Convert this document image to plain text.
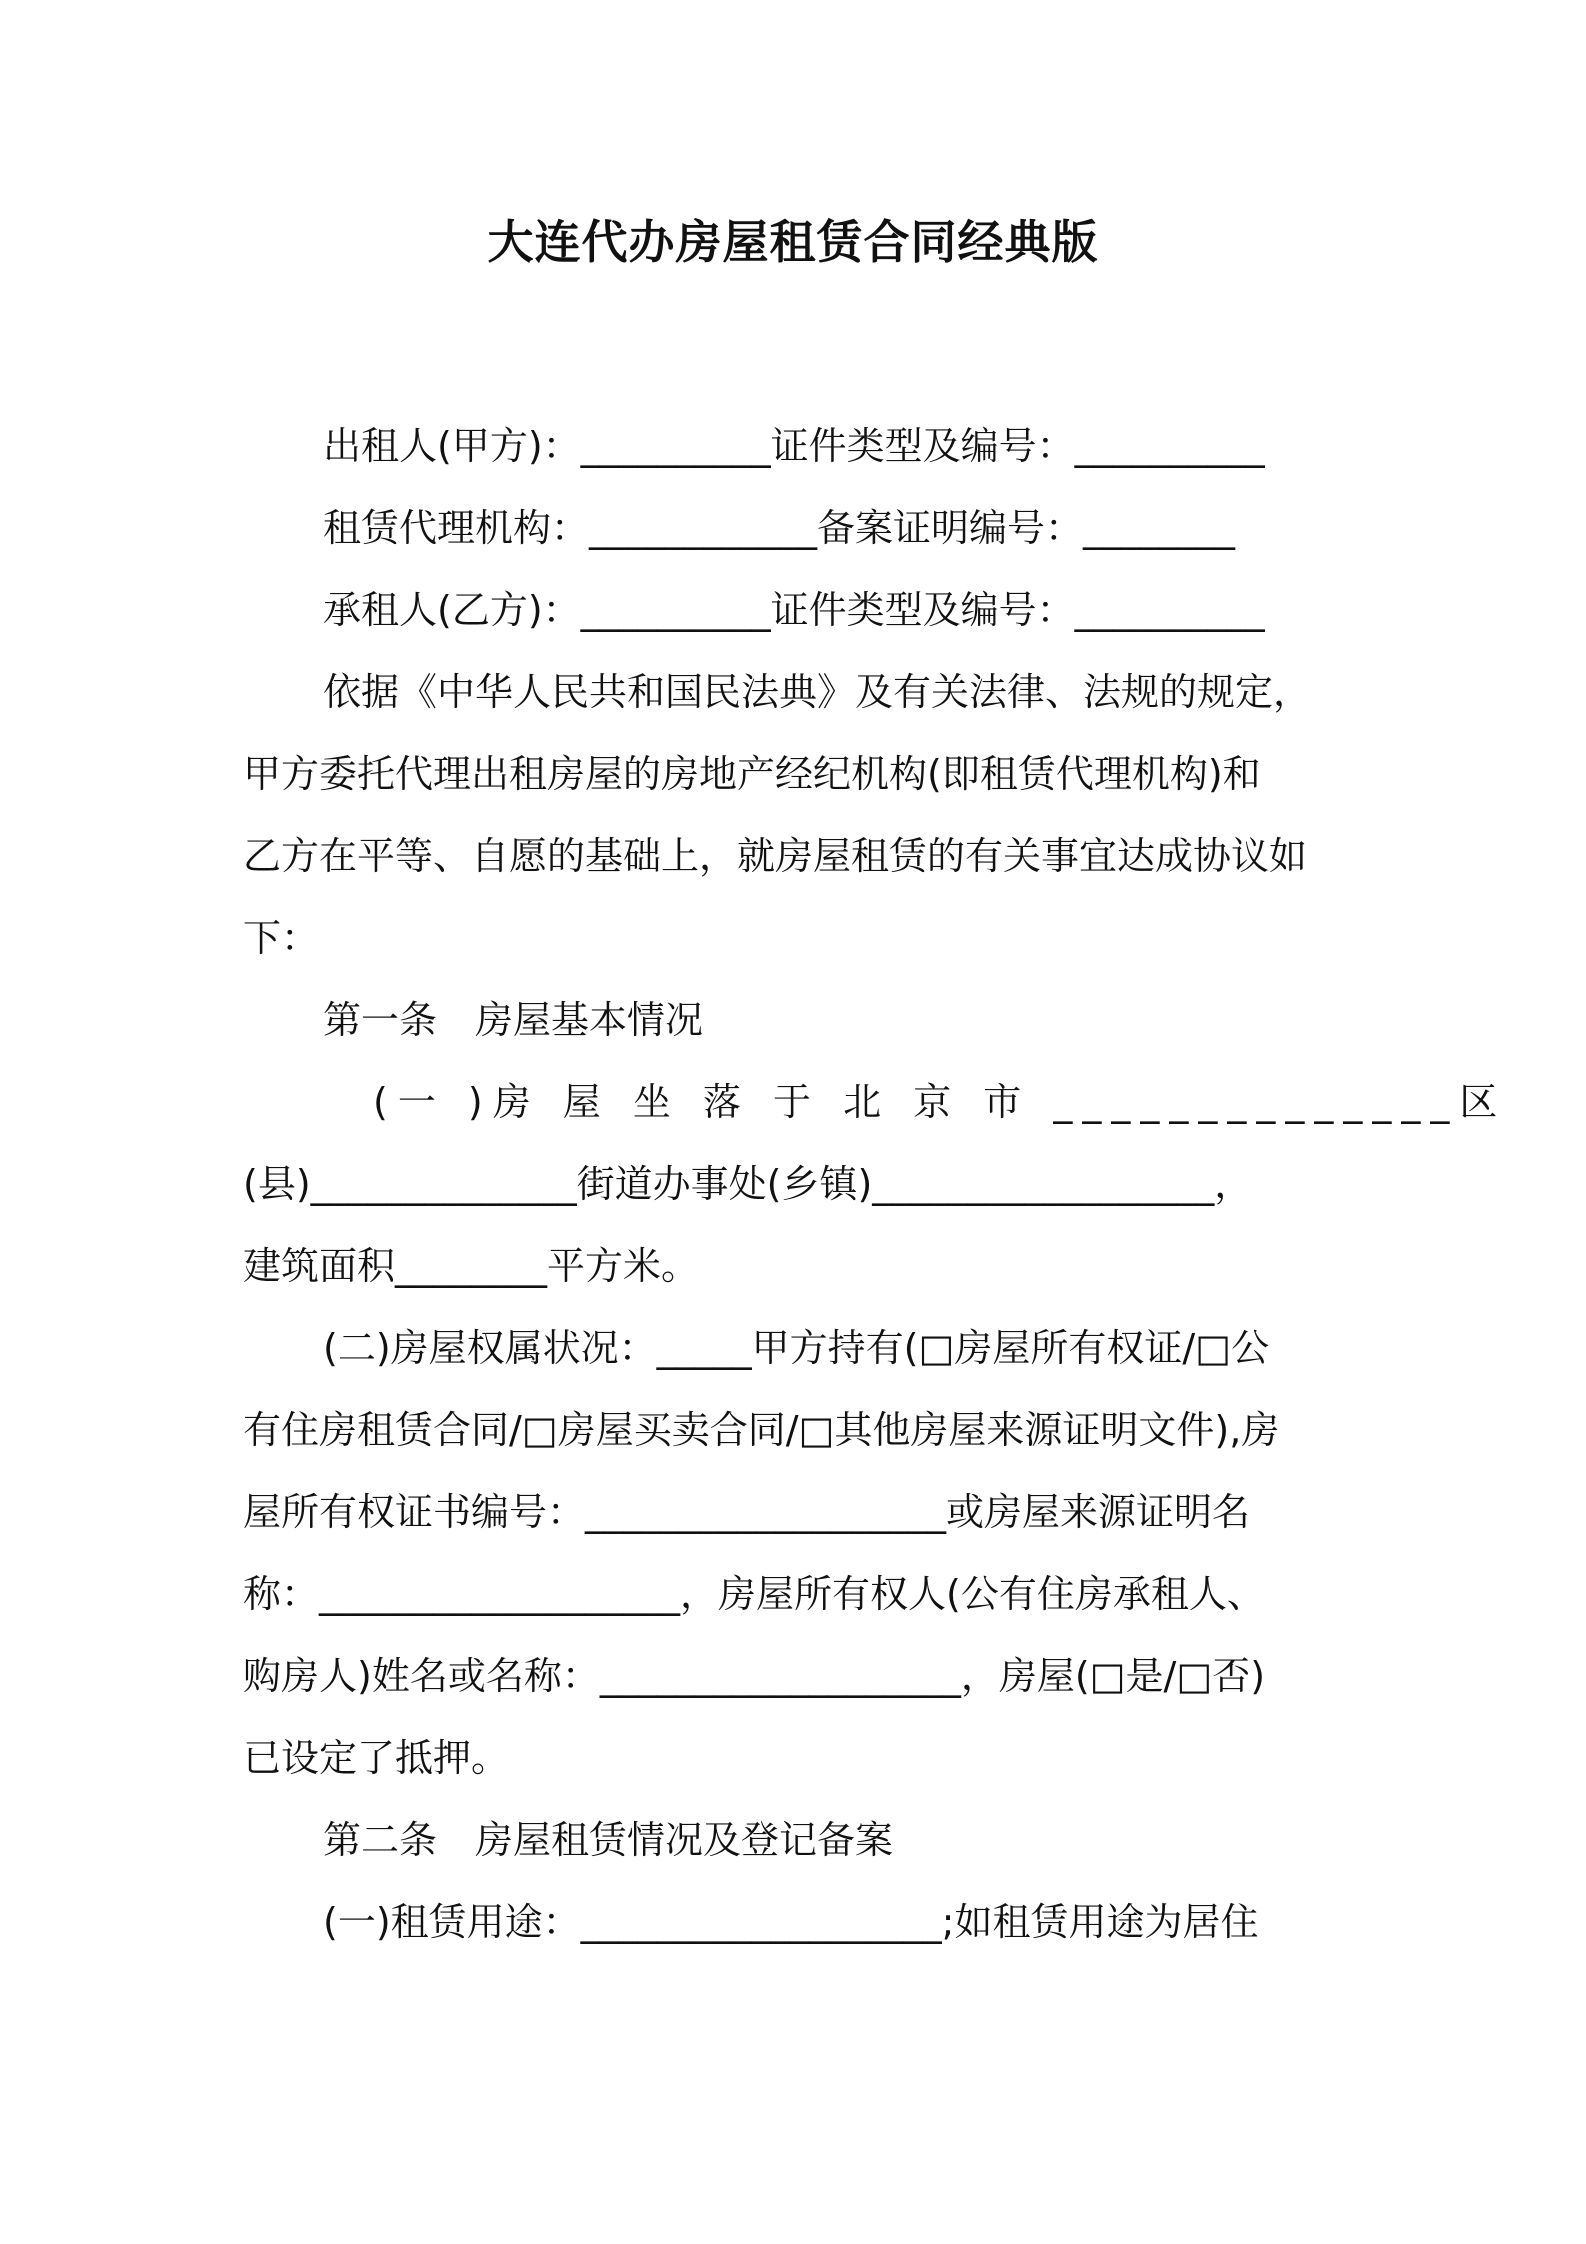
大连代办房屋租赁合同经典版
出租人(甲方)：__________证件类型及编号：__________
租赁代理机构：____________备案证明编号：________
承租人(乙方)：__________证件类型及编号：__________
依据《中华人民共和国民法典》及有关法律、法规的规定，
甲方委托代理出租房屋的房地产经纪机构(即租赁代理机构)和
乙方在平等、自愿的基础上，就房屋租赁的有关事宜达成协议如
下：
第一条　房屋基本情况
(一 )房 屋 坐 落 于 北 京 市 ______________区
(县)______________街道办事处(乡镇)__________________，
建筑面积________平方米。
(二)房屋权属状况：_____甲方持有(□房屋所有权证/□公
有住房租赁合同/□房屋买卖合同/□其他房屋来源证明文件),房
屋所有权证书编号：___________________或房屋来源证明名
称：___________________，房屋所有权人(公有住房承租人、
购房人)姓名或名称：___________________，房屋(□是/□否)
已设定了抵押。
第二条　房屋租赁情况及登记备案
(一)租赁用途：___________________;如租赁用途为居住
